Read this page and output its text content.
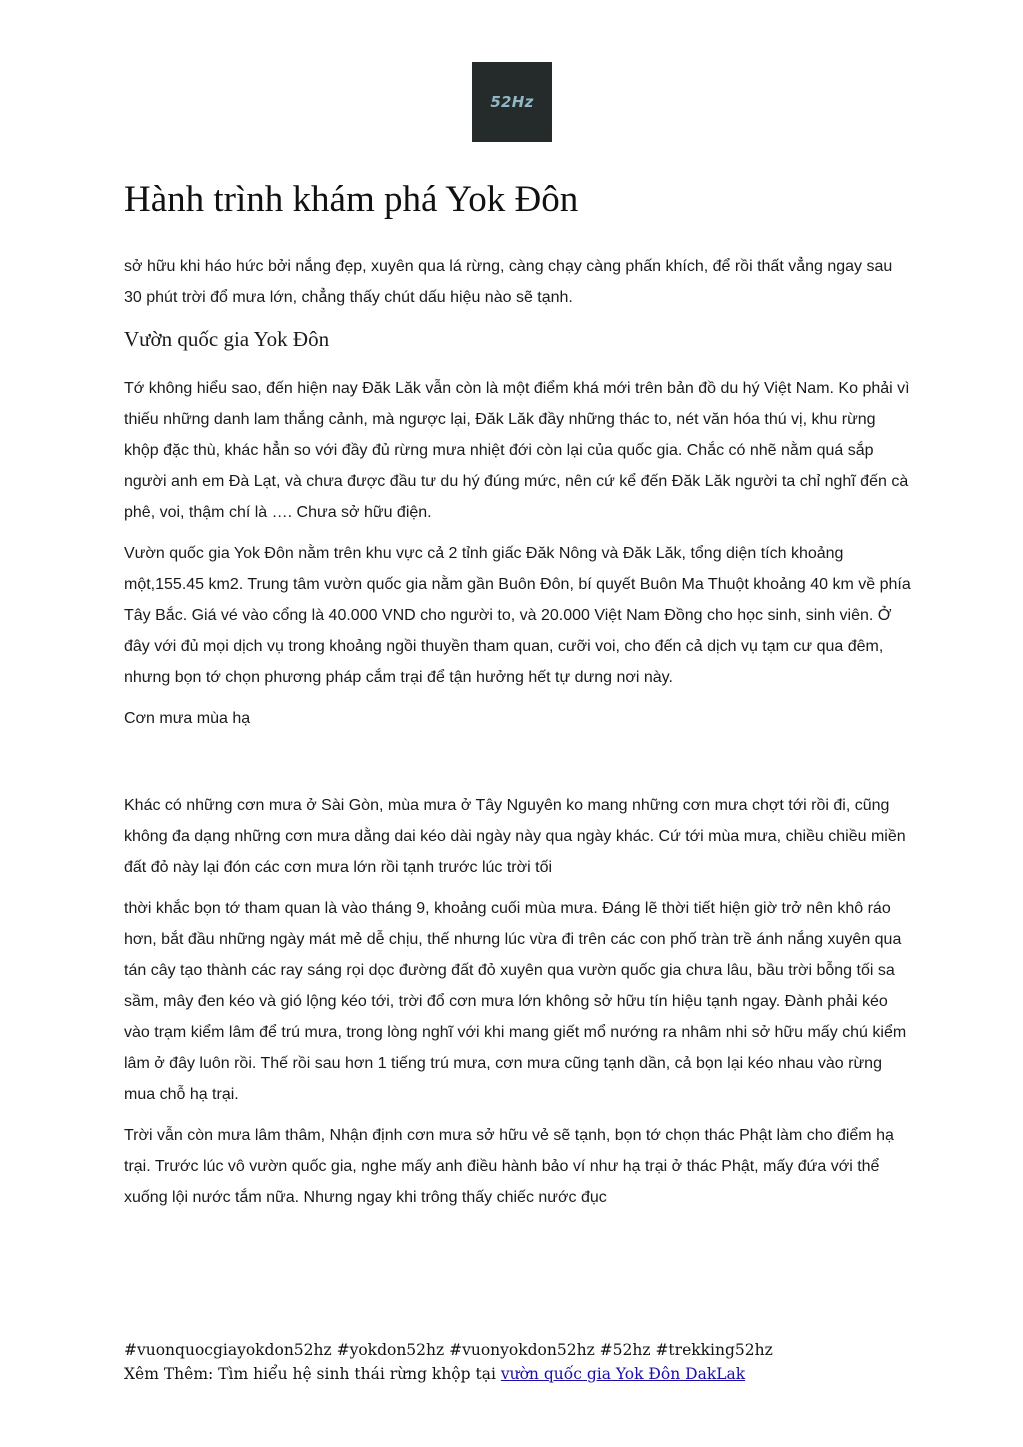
52Hz
Hành trình khám phá Yok Đôn

sở hữu khi háo hức bởi nắng đẹp, xuyên qua lá rừng, càng chạy càng phấn khích, để rồi thất vẳng ngay sau 30 phút trời đổ mưa lớn, chẳng thấy chút dấu hiệu nào sẽ tạnh.

Vườn quốc gia Yok Đôn

Tớ không hiểu sao, đến hiện nay Đăk Lăk vẫn còn là một điểm khá mới trên bản đồ du hý Việt Nam. Ko phải vì thiếu những danh lam thắng cảnh, mà ngược lại, Đăk Lăk đầy những thác to, nét văn hóa thú vị, khu rừng khộp đặc thù, khác hẳn so với đầy đủ rừng mưa nhiệt đới còn lại của quốc gia. Chắc có nhẽ nằm quá sắp người anh em Đà Lạt, và chưa được đầu tư du hý đúng mức, nên cứ kể đến Đăk Lăk người ta chỉ nghĩ đến cà phê, voi, thậm chí là …. Chưa sở hữu điện.

Vườn quốc gia Yok Đôn nằm trên khu vực cả 2 tỉnh giấc Đăk Nông và Đăk Lăk, tổng diện tích khoảng một,155.45 km2. Trung tâm vườn quốc gia nằm gần Buôn Đôn, bí quyết Buôn Ma Thuột khoảng 40 km về phía Tây Bắc. Giá vé vào cổng là 40.000 VND cho người to, và 20.000 Việt Nam Đồng cho học sinh, sinh viên. Ở đây với đủ mọi dịch vụ trong khoảng ngồi thuyền tham quan, cưỡi voi, cho đến cả dịch vụ tạm cư qua đêm, nhưng bọn tớ chọn phương pháp cắm trại để tận hưởng hết tự dưng nơi này.

Cơn mưa mùa hạ

Khác có những cơn mưa ở Sài Gòn, mùa mưa ở Tây Nguyên ko mang những cơn mưa chợt tới rồi đi, cũng không đa dạng những cơn mưa dằng dai kéo dài ngày này qua ngày khác. Cứ tới mùa mưa, chiều chiều miền đất đỏ này lại đón các cơn mưa lớn rồi tạnh trước lúc trời tối

thời khắc bọn tớ tham quan là vào tháng 9, khoảng cuối mùa mưa. Đáng lẽ thời tiết hiện giờ trở nên khô ráo hơn, bắt đầu những ngày mát mẻ dễ chịu, thế nhưng lúc vừa đi trên các con phố tràn trề ánh nắng xuyên qua tán cây tạo thành các ray sáng rọi dọc đường đất đỏ xuyên qua vườn quốc gia chưa lâu, bầu trời bỗng tối sa sầm, mây đen kéo và gió lộng kéo tới, trời đổ cơn mưa lớn không sở hữu tín hiệu tạnh ngay. Đành phải kéo vào trạm kiểm lâm để trú mưa, trong lòng nghĩ với khi mang giết mổ nướng ra nhâm nhi sở hữu mấy chú kiểm lâm ở đây luôn rồi. Thế rồi sau hơn 1 tiếng trú mưa, cơn mưa cũng tạnh dần, cả bọn lại kéo nhau vào rừng mua chỗ hạ trại.

Trời vẫn còn mưa lâm thâm, Nhận định cơn mưa sở hữu vẻ sẽ tạnh, bọn tớ chọn thác Phật làm cho điểm hạ trại. Trước lúc vô vườn quốc gia, nghe mấy anh điều hành bảo ví như hạ trại ở thác Phật, mấy đứa với thể xuống lội nước tắm nữa. Nhưng ngay khi trông thấy chiếc nước đục

#vuonquocgiayokdon52hz #yokdon52hz #vuonyokdon52hz #52hz #trekking52hz
Xêm Thêm: Tìm hiểu hệ sinh thái rừng khộp tại vườn quốc gia Yok Đôn DakLak
